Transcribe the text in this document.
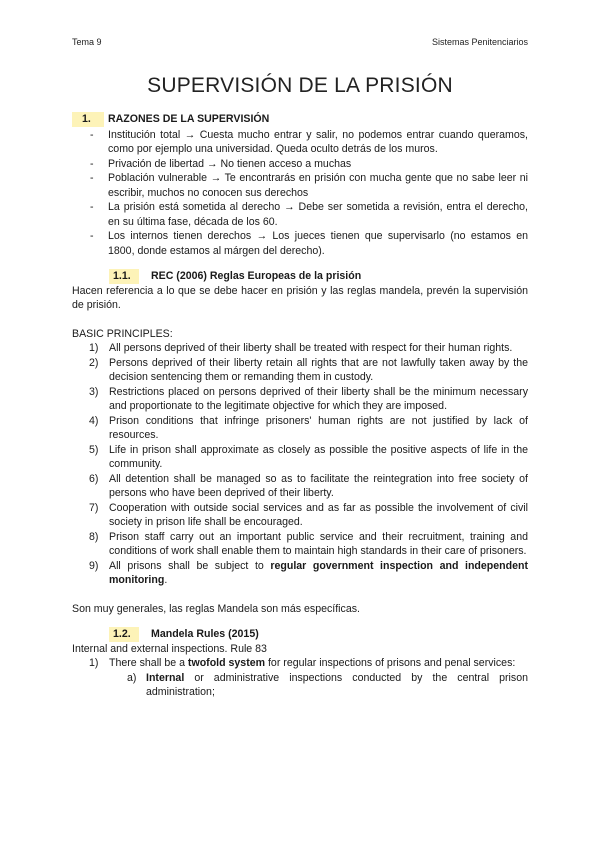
Tema 9	Sistemas Penitenciarios
SUPERVISIÓN DE LA PRISIÓN
1.	RAZONES DE LA SUPERVISIÓN
- Institución total → Cuesta mucho entrar y salir, no podemos entrar cuando queramos, como por ejemplo una universidad. Queda oculto detrás de los muros.
- Privación de libertad → No tienen acceso a muchas
- Población vulnerable → Te encontrarás en prisión con mucha gente que no sabe leer ni escribir, muchos no conocen sus derechos
- La prisión está sometida al derecho → Debe ser sometida a revisión, entra el derecho, en su última fase, década de los 60.
- Los internos tienen derechos → Los jueces tienen que supervisarlo (no estamos en 1800, donde estamos al márgen del derecho).
1.1.	REC (2006) Reglas Europeas de la prisión

Hacen referencia a lo que se debe hacer en prisión y las reglas mandela, prevén la supervisión de prisión.

BASIC PRINCIPLES:

1) All persons deprived of their liberty shall be treated with respect for their human rights.
2) Persons deprived of their liberty retain all rights that are not lawfully taken away by the decision sentencing them or remanding them in custody.
3) Restrictions placed on persons deprived of their liberty shall be the minimum necessary and proportionate to the legitimate objective for which they are imposed.
4) Prison conditions that infringe prisoners' human rights are not justified by lack of resources.
5) Life in prison shall approximate as closely as possible the positive aspects of life in the community.
6) All detention shall be managed so as to facilitate the reintegration into free society of persons who have been deprived of their liberty.
7) Cooperation with outside social services and as far as possible the involvement of civil society in prison life shall be encouraged.
8) Prison staff carry out an important public service and their recruitment, training and conditions of work shall enable them to maintain high standards in their care of prisoners.
9) All prisons shall be subject to regular government inspection and independent monitoring.

Son muy generales, las reglas Mandela son más específicas.

1.2.	Mandela Rules (2015)

Internal and external inspections. Rule 83

1) There shall be a twofold system for regular inspections of prisons and penal services:
a) Internal or administrative inspections conducted by the central prison administration;
